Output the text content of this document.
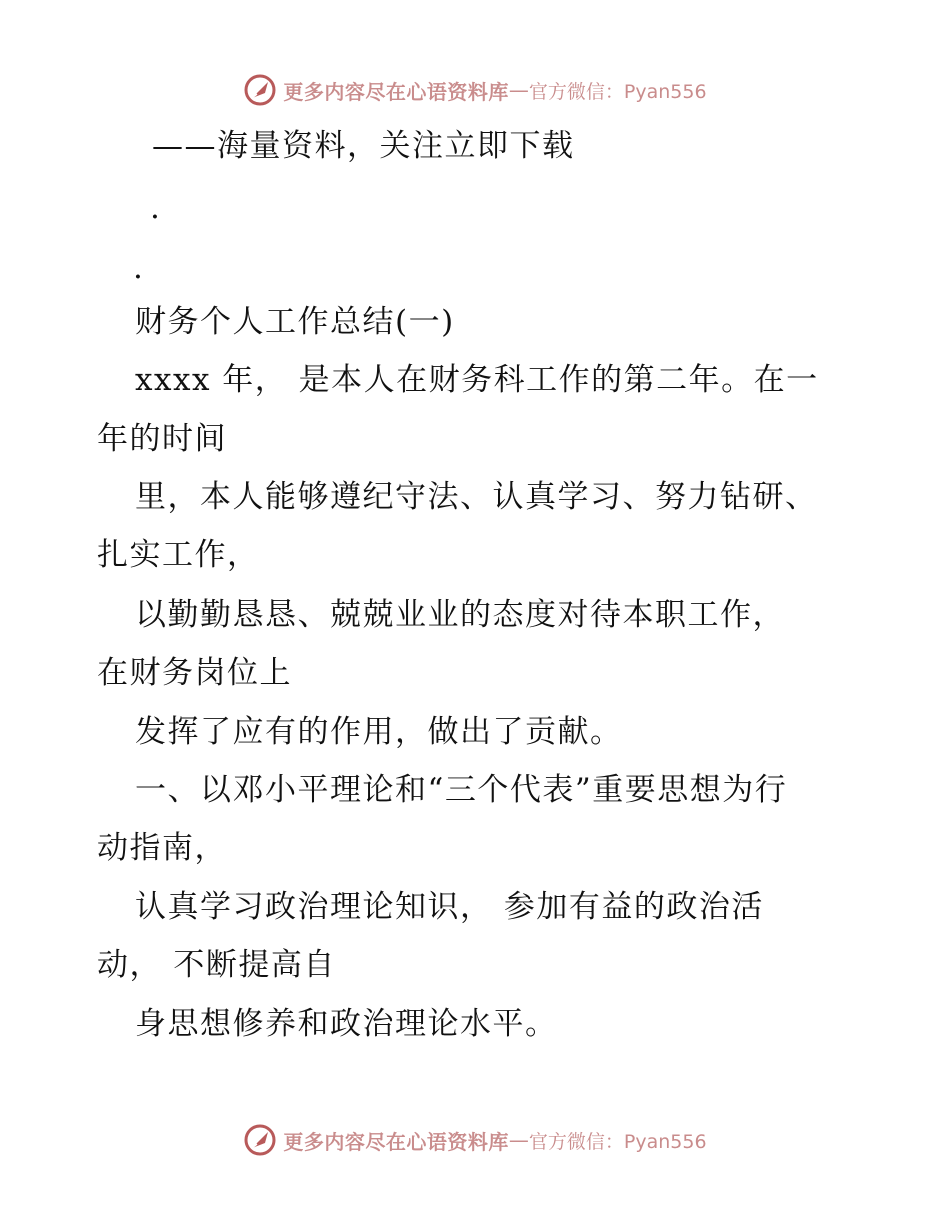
更多内容尽在心语资料库 — 官方微信：Pyan556
——海量资料，关注立即下载
.
.
财务个人工作总结(一)
xxxx 年， 是本人在财务科工作的第二年。在一
年的时间
里，本人能够遵纪守法、认真学习、努力钻研、
扎实工作，
以勤勤恳恳、兢兢业业的态度对待本职工作，
在财务岗位上
发挥了应有的作用，做出了贡献。
一、以邓小平理论和“三个代表”重要思想为行
动指南，
认真学习政治理论知识， 参加有益的政治活
动， 不断提高自
身思想修养和政治理论水平。
更多内容尽在心语资料库 — 官方微信：Pyan556
